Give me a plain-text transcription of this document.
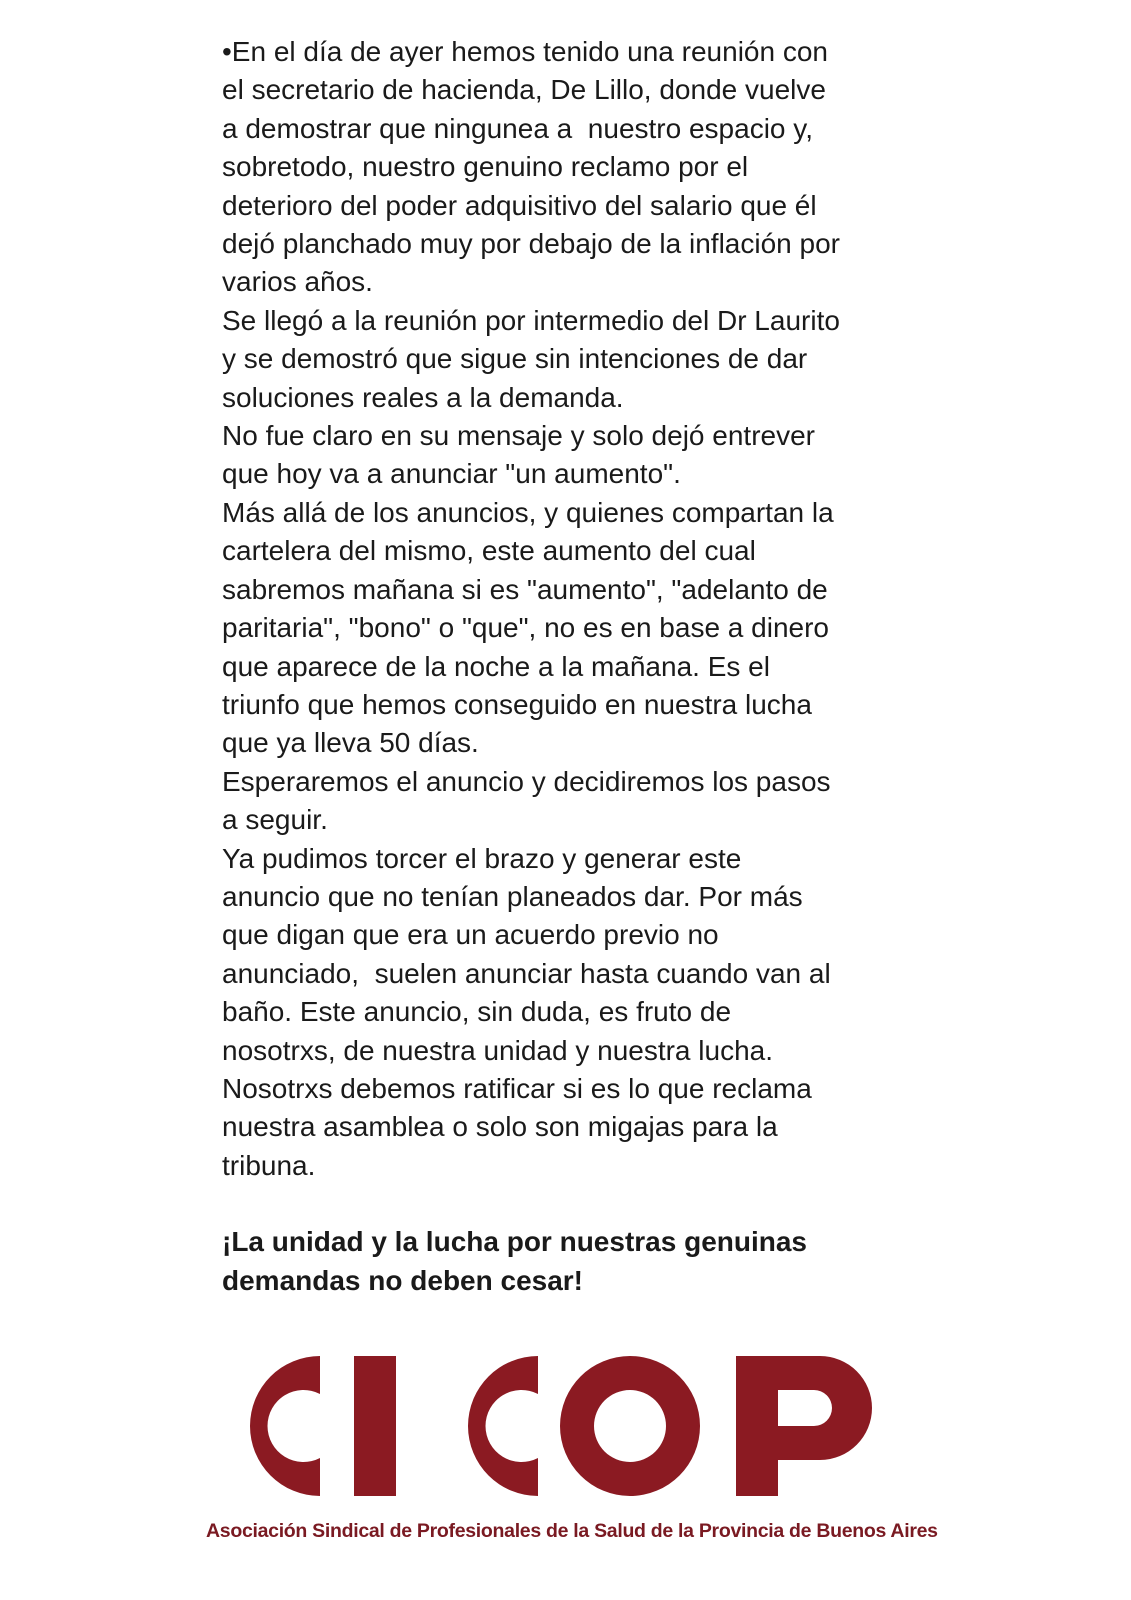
•En el día de ayer hemos tenido una reunión con

el secretario de hacienda, De Lillo, donde vuelve

a demostrar que ningunea a  nuestro espacio y,

sobretodo, nuestro genuino reclamo por el

deterioro del poder adquisitivo del salario que él

dejó planchado muy por debajo de la inflación por

varios años.

Se llegó a la reunión por intermedio del Dr Laurito

y se demostró que sigue sin intenciones de dar

soluciones reales a la demanda.

No fue claro en su mensaje y solo dejó entrever

que hoy va a anunciar "un aumento".

Más allá de los anuncios, y quienes compartan la

cartelera del mismo, este aumento del cual

sabremos mañana si es "aumento", "adelanto de

paritaria", "bono" o "que", no es en base a dinero

que aparece de la noche a la mañana. Es el

triunfo que hemos conseguido en nuestra lucha

que ya lleva 50 días.

Esperaremos el anuncio y decidiremos los pasos

a seguir.

Ya pudimos torcer el brazo y generar este

anuncio que no tenían planeados dar. Por más

que digan que era un acuerdo previo no

anunciado,  suelen anunciar hasta cuando van al

baño. Este anuncio, sin duda, es fruto de

nosotrxs, de nuestra unidad y nuestra lucha.

Nosotrxs debemos ratificar si es lo que reclama

nuestra asamblea o solo son migajas para la

tribuna.

¡La unidad y la lucha por nuestras genuinas

demandas no deben cesar!

Asociación Sindical de Profesionales de la Salud de la Provincia de Buenos Aires
